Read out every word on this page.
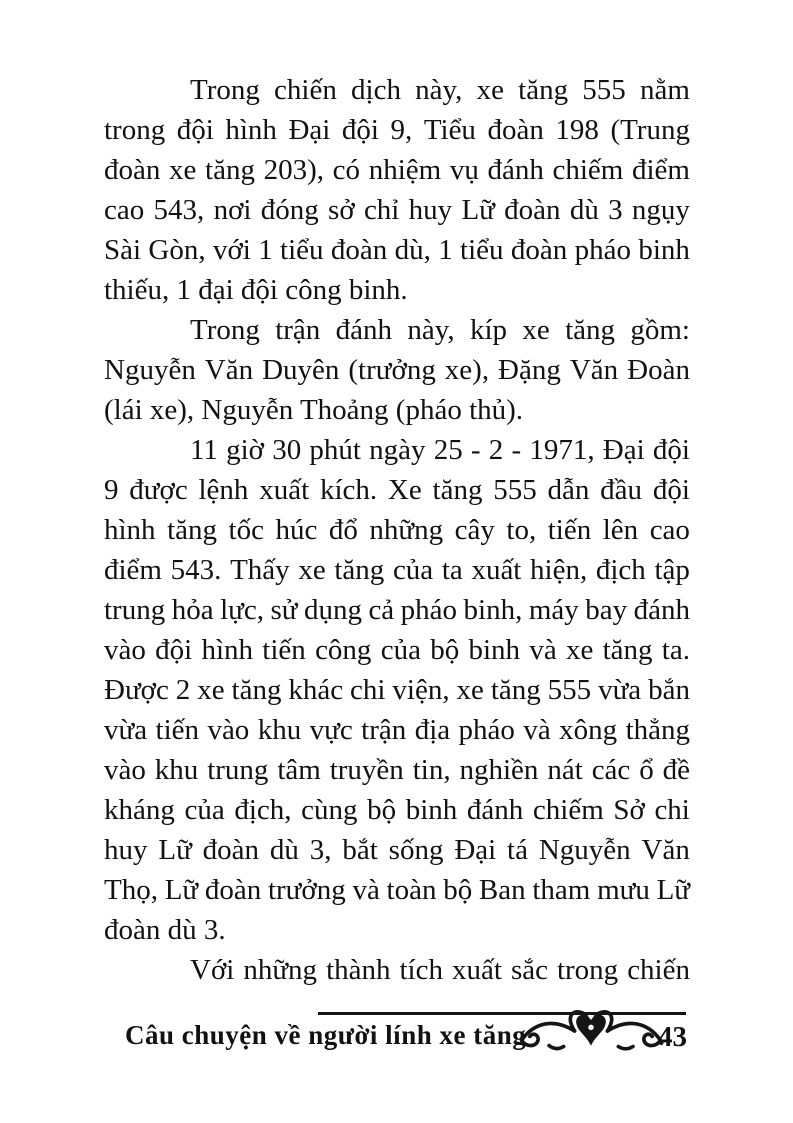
Trong chiến dịch này, xe tăng 555 nằm
trong đội hình Đại đội 9, Tiểu đoàn 198 (Trung
đoàn xe tăng 203), có nhiệm vụ đánh chiếm điểm
cao 543, nơi đóng sở chỉ huy Lữ đoàn dù 3 ngụy
Sài Gòn, với 1 tiểu đoàn dù, 1 tiểu đoàn pháo binh
thiếu, 1 đại đội công binh.
Trong trận đánh này, kíp xe tăng gồm:
Nguyễn Văn Duyên (trưởng xe), Đặng Văn Đoàn
(lái xe), Nguyễn Thoảng (pháo thủ).
11 giờ 30 phút ngày 25 - 2 - 1971, Đại đội
9 được lệnh xuất kích. Xe tăng 555 dẫn đầu đội
hình tăng tốc húc đổ những cây to, tiến lên cao
điểm 543. Thấy xe tăng của ta xuất hiện, địch tập
trung hỏa lực, sử dụng cả pháo binh, máy bay đánh
vào đội hình tiến công của bộ binh và xe tăng ta.
Được 2 xe tăng khác chi viện, xe tăng 555 vừa bắn
vừa tiến vào khu vực trận địa pháo và xông thẳng
vào khu trung tâm truyền tin, nghiền nát các ổ đề
kháng của địch, cùng bộ binh đánh chiếm Sở chi
huy Lữ đoàn dù 3, bắt sống Đại tá Nguyễn Văn
Thọ, Lữ đoàn trưởng và toàn bộ Ban tham mưu Lữ
đoàn dù 3.
Với những thành tích xuất sắc trong chiến
Câu chuyện về người lính xe tăng	43
